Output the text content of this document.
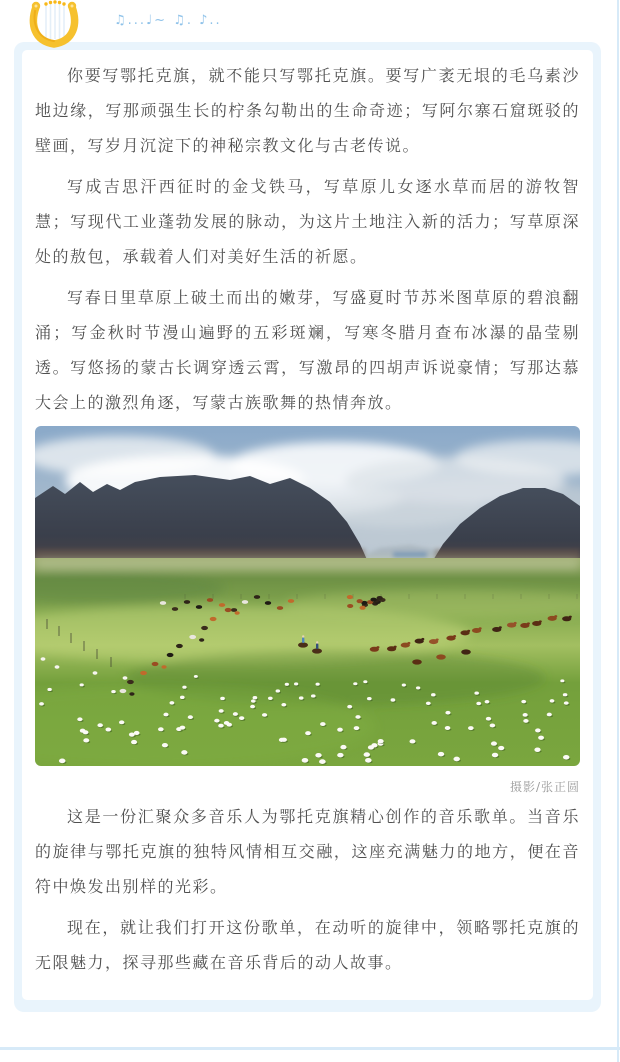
♫...♩~ ♫. ♪..

你要写鄂托克旗，就不能只写鄂托克旗。要写广袤无垠的毛乌素沙地边缘，写那顽强生长的柠条勾勒出的生命奇迹；写阿尔寨石窟斑驳的壁画，写岁月沉淀下的神秘宗教文化与古老传说。

写成吉思汗西征时的金戈铁马，写草原儿女逐水草而居的游牧智慧；写现代工业蓬勃发展的脉动，为这片土地注入新的活力；写草原深处的敖包，承载着人们对美好生活的祈愿。

写春日里草原上破土而出的嫩芽，写盛夏时节苏米图草原的碧浪翻涌；写金秋时节漫山遍野的五彩斑斓，写寒冬腊月查布冰瀑的晶莹剔透。写悠扬的蒙古长调穿透云霄，写激昂的四胡声诉说豪情；写那达慕大会上的激烈角逐，写蒙古族歌舞的热情奔放。

摄影/张正圆

这是一份汇聚众多音乐人为鄂托克旗精心创作的音乐歌单。当音乐的旋律与鄂托克旗的独特风情相互交融，这座充满魅力的地方，便在音符中焕发出别样的光彩。

现在，就让我们打开这份歌单，在动听的旋律中，领略鄂托克旗的无限魅力，探寻那些藏在音乐背后的动人故事。
